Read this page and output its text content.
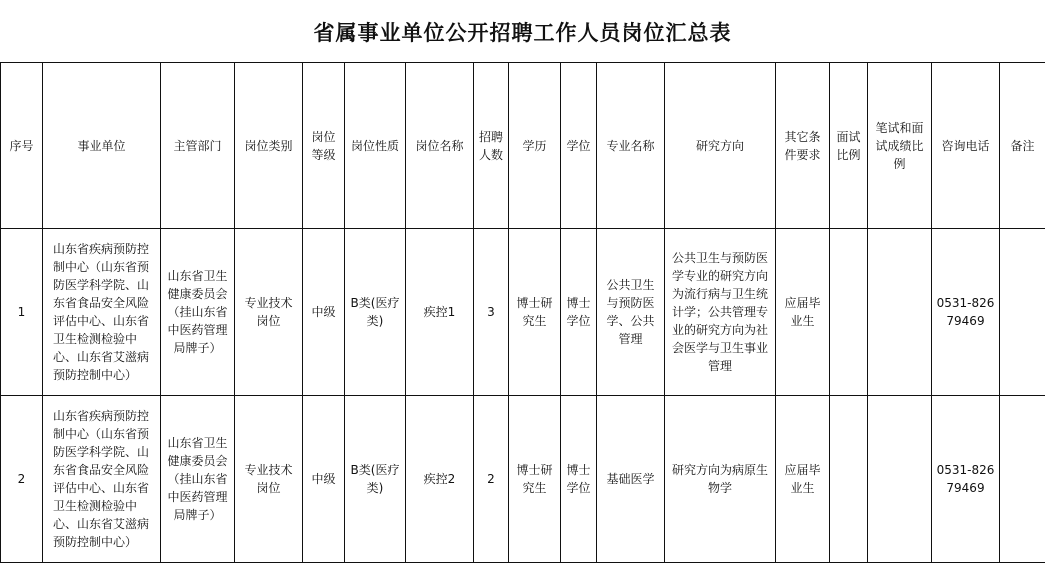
省属事业单位公开招聘工作人员岗位汇总表
序号	事业单位	主管部门	岗位类别	岗位等级	岗位性质	岗位名称	招聘人数	学历	学位	专业名称	研究方向	其它条件要求	面试比例	笔试和面试成绩比例	咨询电话	备注
1	山东省疾病预防控制中心（山东省预防医学科学院、山东省食品安全风险评估中心、山东省卫生检测检验中心、山东省艾滋病预防控制中心）	山东省卫生健康委员会（挂山东省中医药管理局牌子）	专业技术岗位	中级	B类(医疗类)	疾控1	3	博士研究生	博士学位	公共卫生与预防医学、公共管理	公共卫生与预防医学专业的研究方向为流行病与卫生统计学；公共管理专业的研究方向为社会医学与卫生事业管理	应届毕业生			0531-82679469	
2	山东省疾病预防控制中心（山东省预防医学科学院、山东省食品安全风险评估中心、山东省卫生检测检验中心、山东省艾滋病预防控制中心）	山东省卫生健康委员会（挂山东省中医药管理局牌子）	专业技术岗位	中级	B类(医疗类)	疾控2	2	博士研究生	博士学位	基础医学	研究方向为病原生物学	应届毕业生			0531-82679469	
